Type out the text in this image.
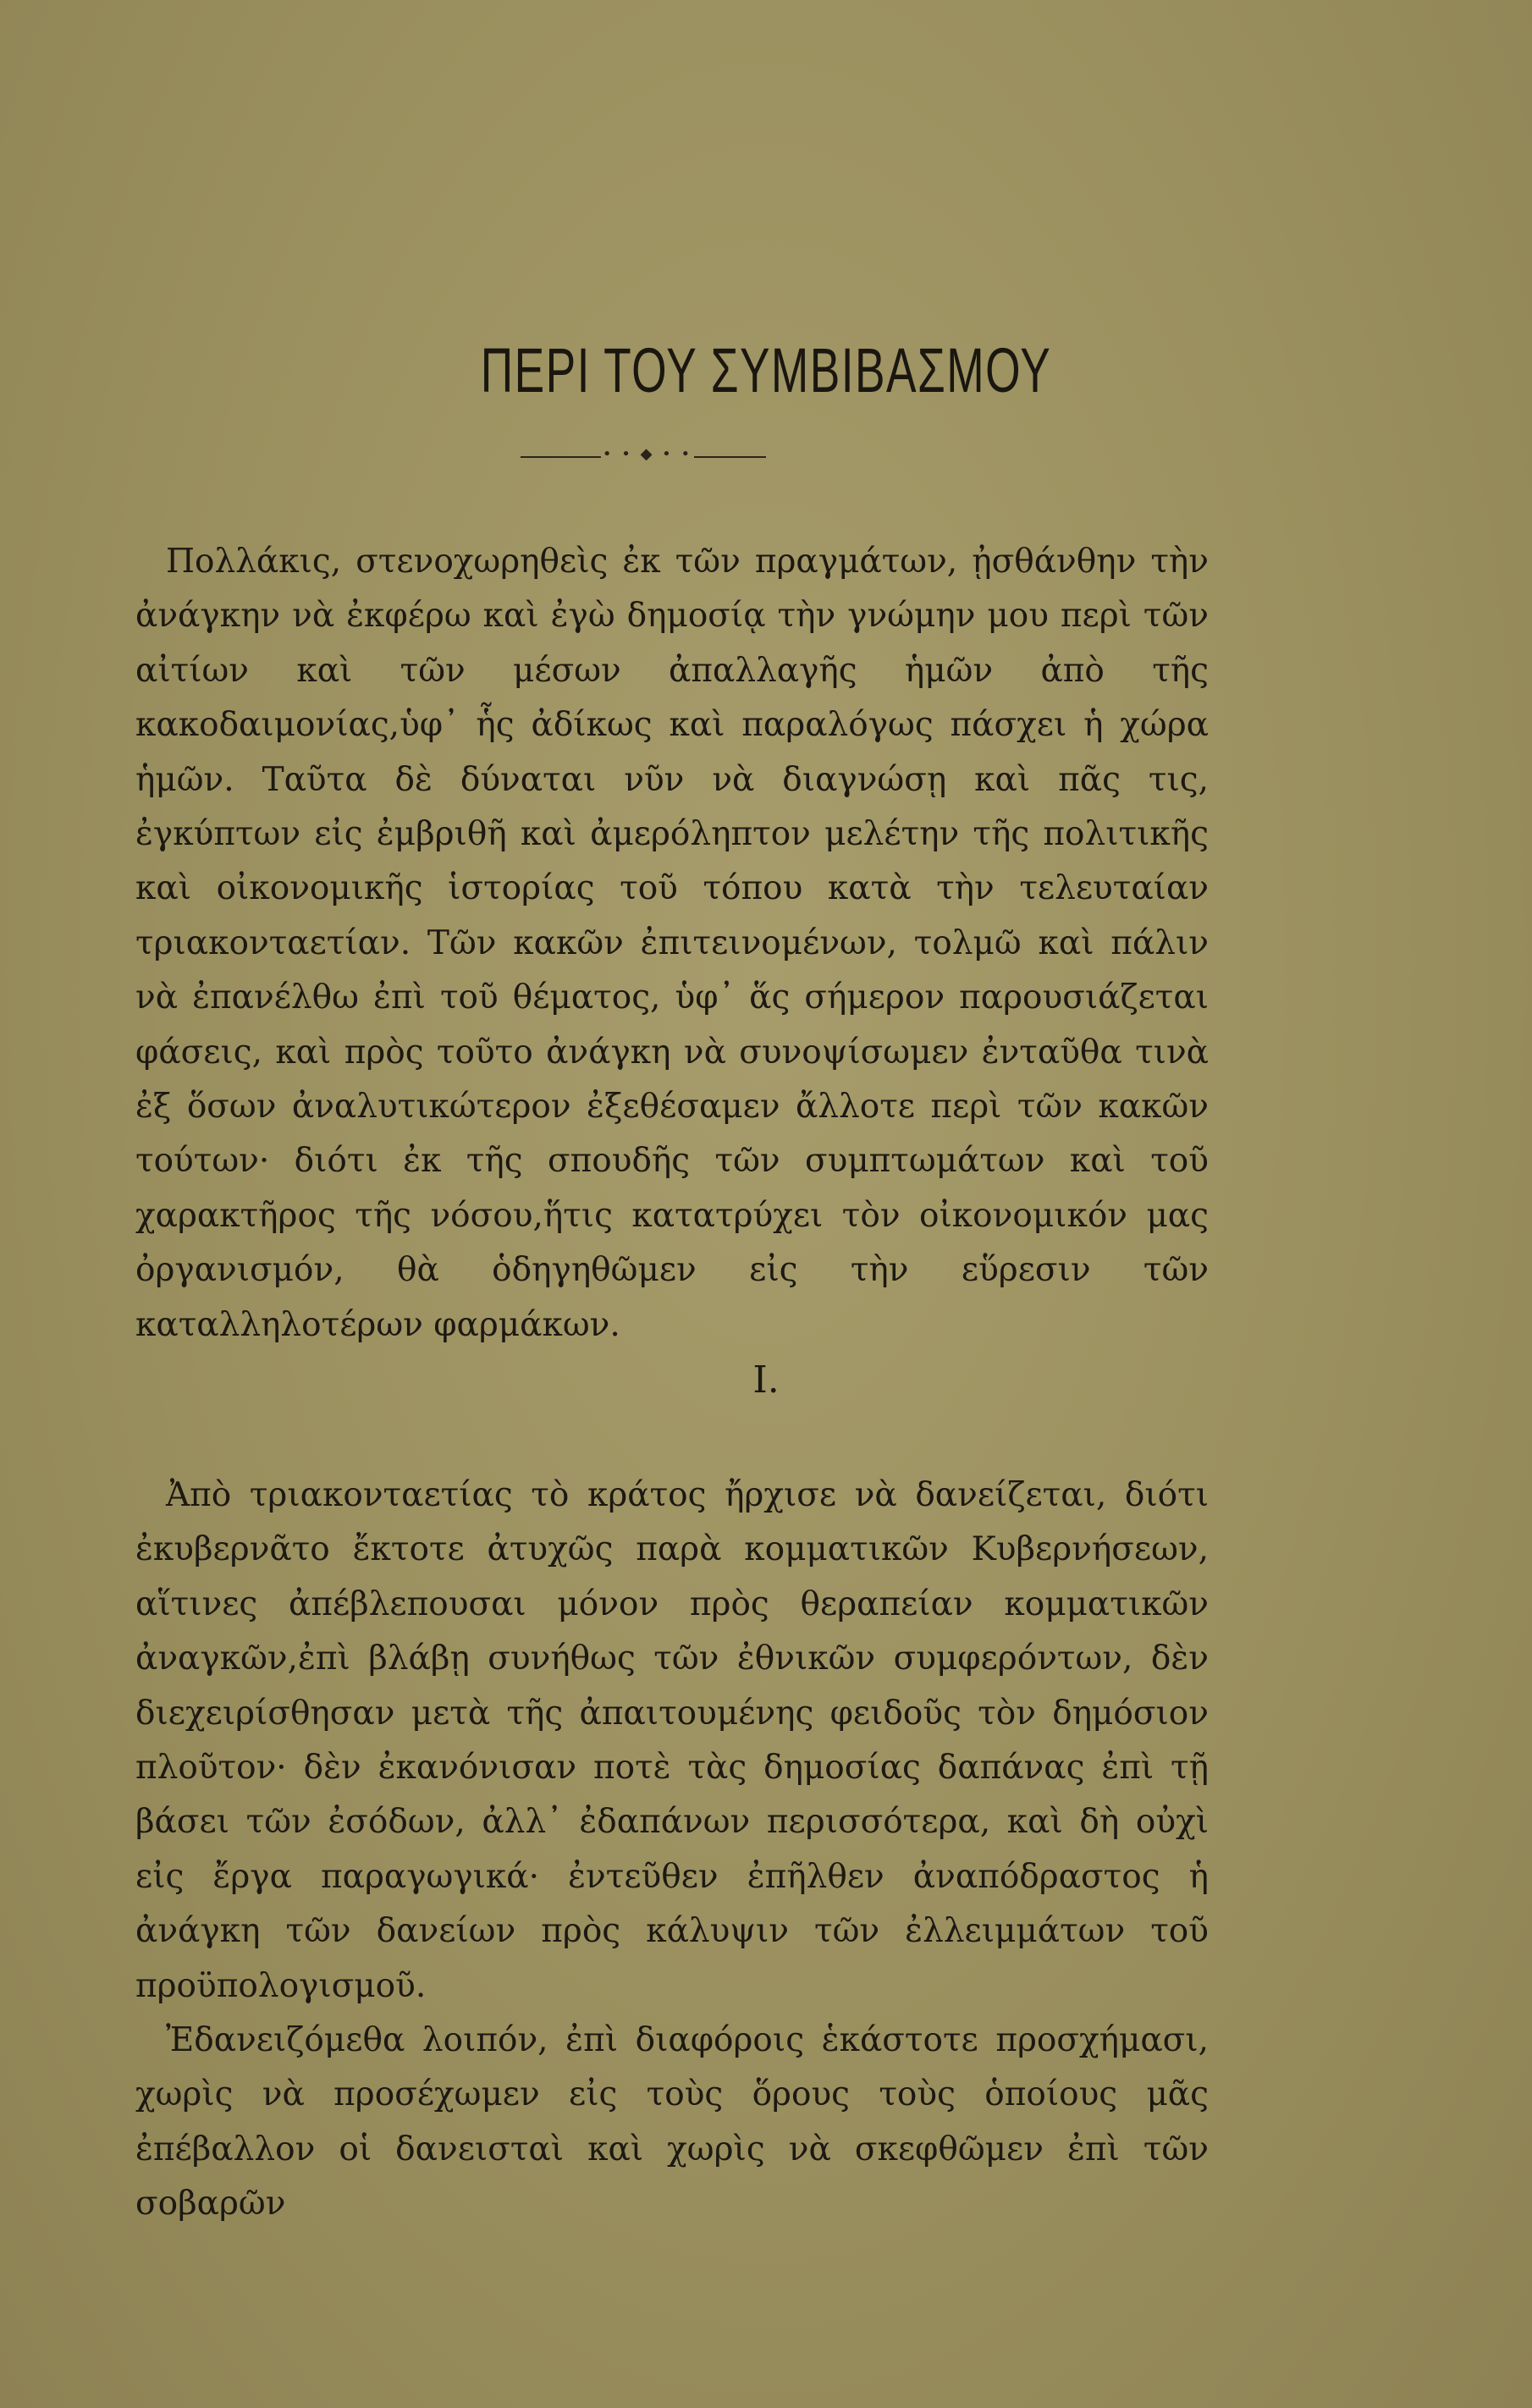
ΠΕΡΙ ΤΟΥ ΣΥΜΒΙΒΑΣΜΟΥ
• • ◆ • •

Πολλάκις, στενοχωρηθεὶς ἐκ τῶν πραγμάτων, ᾐσθάνθην τὴν ἀνάγκην νὰ ἐκφέρω καὶ ἐγὼ δημοσίᾳ τὴν γνώμην μου περὶ τῶν αἰτίων καὶ τῶν μέσων ἀπαλλαγῆς ἡμῶν ἀπὸ τῆς κακοδαιμονίας,ὑφ᾽ ἧς ἀδίκως καὶ παραλόγως πάσχει ἡ χώρα ἡμῶν. Ταῦτα δὲ δύναται νῦν νὰ διαγνώσῃ καὶ πᾶς τις, ἐγκύπτων εἰς ἐμβριθῆ καὶ ἀμερόληπτον μελέτην τῆς πολιτικῆς καὶ οἰκονομικῆς ἱστορίας τοῦ τόπου κατὰ τὴν τελευταίαν τριακονταετίαν. Τῶν κακῶν ἐπιτεινομένων, τολμῶ καὶ πάλιν νὰ ἐπανέλθω ἐπὶ τοῦ θέματος, ὑφ᾽ ἅς σήμερον παρουσιάζεται φάσεις, καὶ πρὸς τοῦτο ἀνάγκη νὰ συνοψίσωμεν ἐνταῦθα τινὰ ἐξ ὅσων ἀναλυτικώτερον ἐξεθέσαμεν ἄλλοτε περὶ τῶν κακῶν τούτων· διότι ἐκ τῆς σπουδῆς τῶν συμπτωμάτων καὶ τοῦ χαρακτῆρος τῆς νόσου,ἥτις κατατρύχει τὸν οἰκονομικόν μας ὀργανισμόν, θὰ ὁδηγηθῶμεν εἰς τὴν εὕρεσιν τῶν καταλληλοτέρων φαρμάκων.

Ι.

Ἀπὸ τριακονταετίας τὸ κράτος ἤρχισε νὰ δανείζεται, διότι ἐκυβερνᾶτο ἔκτοτε ἀτυχῶς παρὰ κομματικῶν Κυβερνήσεων, αἵτινες ἀπέβλεπουσαι μόνον πρὸς θεραπείαν κομματικῶν ἀναγκῶν,ἐπὶ βλάβῃ συνήθως τῶν ἐθνικῶν συμφερόντων, δὲν διεχειρίσθησαν μετὰ τῆς ἀπαιτουμένης φειδοῦς τὸν δημόσιον πλοῦτον· δὲν ἐκανόνισαν ποτὲ τὰς δημοσίας δαπάνας ἐπὶ τῇ βάσει τῶν ἐσόδων, ἀλλ᾽ ἐδαπάνων περισσότερα, καὶ δὴ οὐχὶ εἰς ἔργα παραγωγικά· ἐντεῦθεν ἐπῆλθεν ἀναπόδραστος ἡ ἀνάγκη τῶν δανείων πρὸς κάλυψιν τῶν ἐλλειμμάτων τοῦ προϋπολογισμοῦ.

Ἐδανειζόμεθα λοιπόν, ἐπὶ διαφόροις ἑκάστοτε προσχήμασι, χωρὶς νὰ προσέχωμεν εἰς τοὺς ὅρους τοὺς ὁποίους μᾶς ἐπέβαλλον οἱ δανεισταὶ καὶ χωρὶς νὰ σκεφθῶμεν ἐπὶ τῶν σοβαρῶν
